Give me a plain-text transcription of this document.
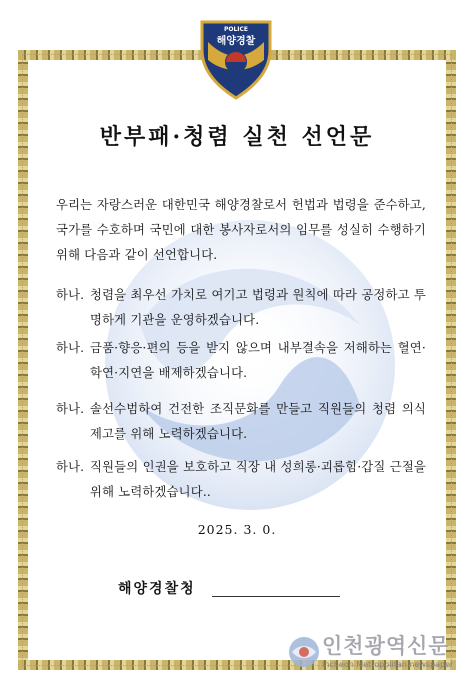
POLICE
해양경찰
반부패·청렴 실천 선언문
우리는 자랑스러운 대한민국 해양경찰로서 헌법과 법령을 준수하고, 국가를 수호하며 국민에 대한 봉사자로서의 임무를 성실히 수행하기 위해 다음과 같이 선언합니다.
하나. 청렴을 최우선 가치로 여기고 법령과 원칙에 따라 공정하고 투명하게 기관을 운영하겠습니다.
하나. 금품·향응·편의 등을 받지 않으며 내부결속을 저해하는 혈연·학연·지연을 배제하겠습니다.
하나. 솔선수범하여 건전한 조직문화를 만들고 직원들의 청렴 의식 제고를 위해 노력하겠습니다.
하나. 직원들의 인권을 보호하고 직장 내 성희롱·괴롭힘·갑질 근절을 위해 노력하겠습니다..
2025. 3. 0.
해양경찰청
인천광역신문
Incheon Metropolitan newspaper
